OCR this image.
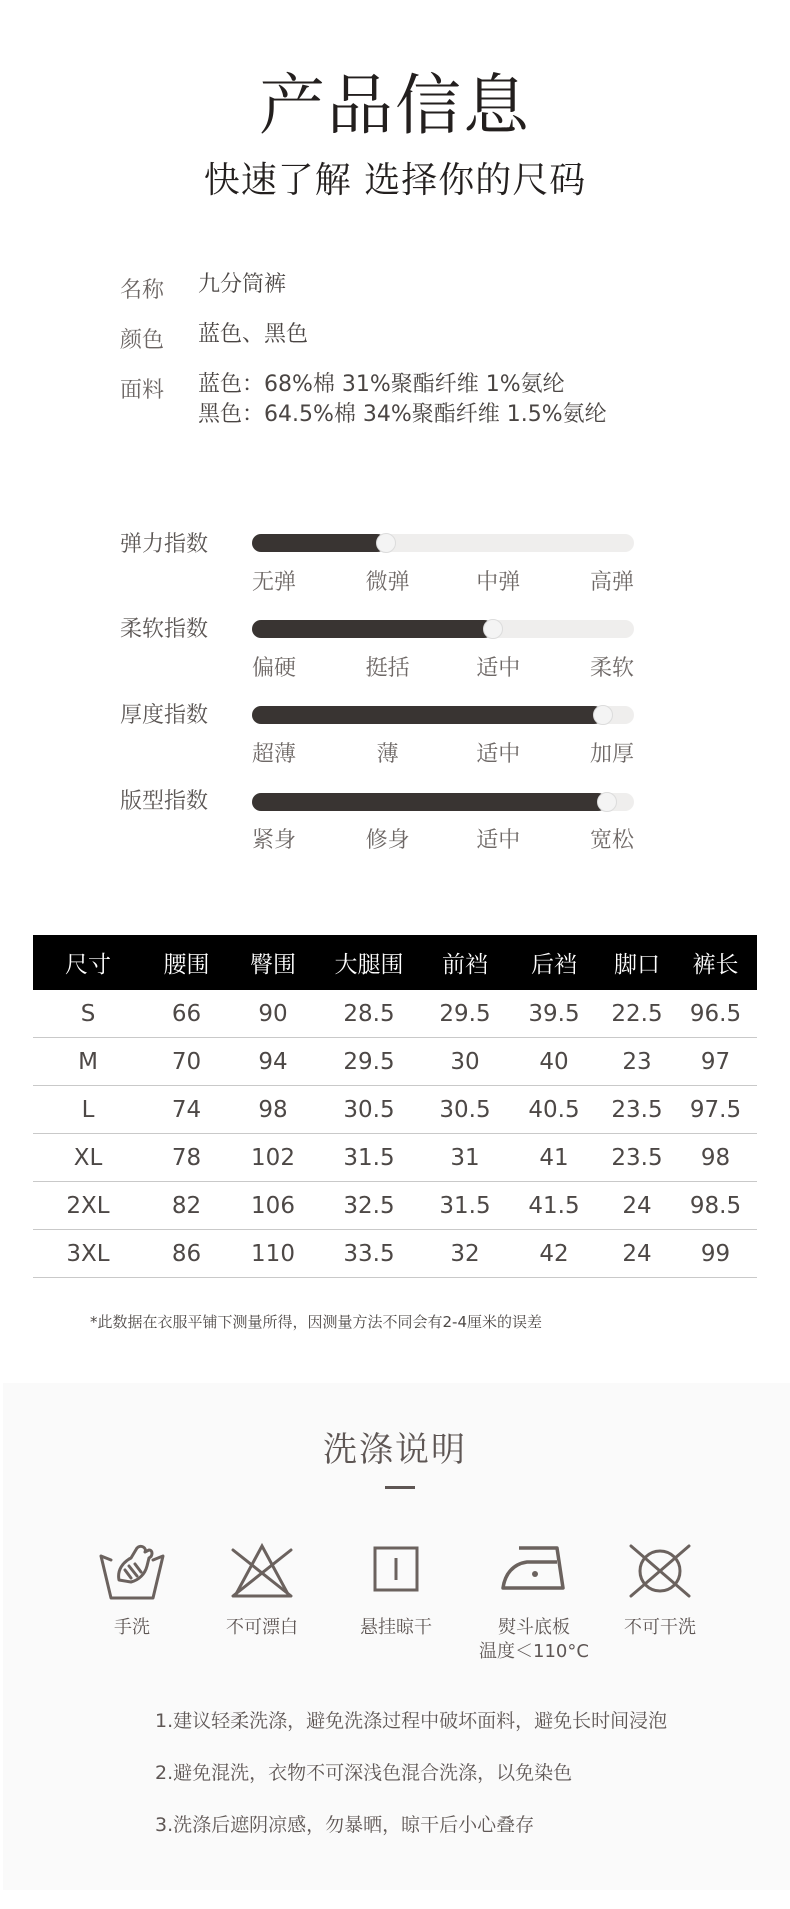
产品信息
快速了解 选择你的尺码
名称 九分筒裤
颜色 蓝色、黑色
面料 蓝色：68%棉 31%聚酯纤维 1%氨纶
黑色：64.5%棉 34%聚酯纤维 1.5%氨纶
弹力指数
无弹	微弹	中弹	高弹
柔软指数
偏硬	挺括	适中	柔软
厚度指数
超薄	薄	适中	加厚
版型指数
紧身	修身	适中	宽松
尺寸	腰围	臀围	大腿围	前裆	后裆	脚口	裤长
S	66	90	28.5	29.5	39.5	22.5	96.5
M	70	94	29.5	30	40	23	97
L	74	98	30.5	30.5	40.5	23.5	97.5
XL	78	102	31.5	31	41	23.5	98
2XL	82	106	32.5	31.5	41.5	24	98.5
3XL	86	110	33.5	32	42	24	99
*此数据在衣服平铺下测量所得，因测量方法不同会有2-4厘米的误差
洗涤说明
手洗	不可漂白	悬挂晾干	熨斗底板
温度＜110°C
不可干洗
1.建议轻柔洗涤，避免洗涤过程中破坏面料，避免长时间浸泡
2.避免混洗，衣物不可深浅色混合洗涤，以免染色
3.洗涤后遮阴凉感，勿暴晒，晾干后小心叠存
